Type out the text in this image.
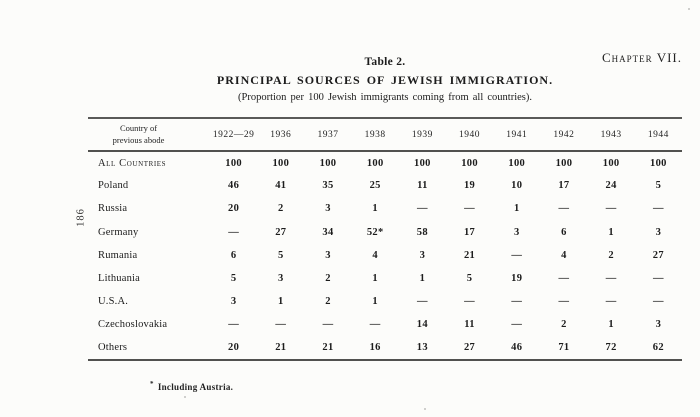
Chapter VII.
186
Table 2.
PRINCIPAL SOURCES OF JEWISH IMMIGRATION.
(Proportion per 100 Jewish immigrants coming from all countries).
Country of
previous abode	1922—29	1936	1937	1938	1939	1940	1941	1942	1943	1944
All Countries	100	100	100	100	100	100	100	100	100	100
Poland	46	41	35	25	11	19	10	17	24	5
Russia	20	2	3	1	—	—	1	—	—	—
Germany	—	27	34	52*	58	17	3	6	1	3
Rumania	6	5	3	4	3	21	—	4	2	27
Lithuania	5	3	2	1	1	5	19	—	—	—
U.S.A.	3	1	2	1	—	—	—	—	—	—
Czechoslovakia	—	—	—	—	14	11	—	2	1	3
Others	20	21	21	16	13	27	46	71	72	62
* Including Austria.
